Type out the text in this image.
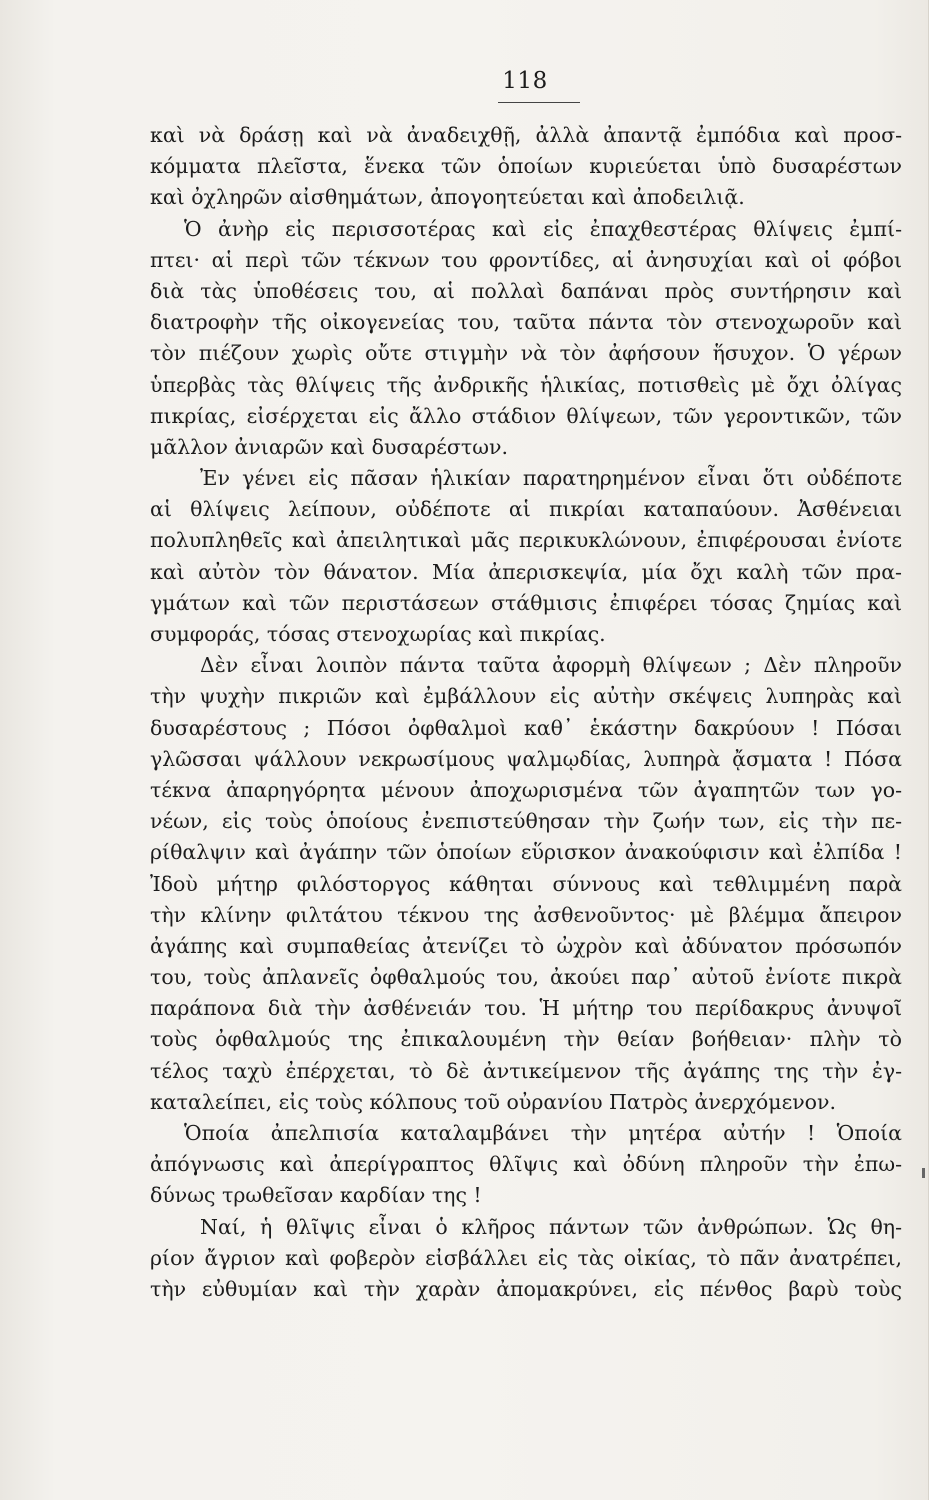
118
καὶ νὰ δράσῃ καὶ νὰ ἀναδειχθῇ, ἀλλὰ ἀπαντᾷ ἐμπόδια καὶ προσ-
κόμματα πλεῖστα, ἕνεκα τῶν ὁποίων κυριεύεται ὑπὸ δυσαρέστων
καὶ ὀχληρῶν αἰσθημάτων, ἀπογοητεύεται καὶ ἀποδειλιᾷ.
Ὁ ἀνὴρ εἰς περισσοτέρας καὶ εἰς ἐπαχθεστέρας θλίψεις ἐμπί-
πτει· αἱ περὶ τῶν τέκνων του φροντίδες, αἱ ἀνησυχίαι καὶ οἱ φόβοι
διὰ τὰς ὑποθέσεις του, αἱ πολλαὶ δαπάναι πρὸς συντήρησιν καὶ
διατροφὴν τῆς οἰκογενείας του, ταῦτα πάντα τὸν στενοχωροῦν καὶ
τὸν πιέζουν χωρὶς οὔτε στιγμὴν νὰ τὸν ἀφήσουν ἥσυχον. Ὁ γέρων
ὑπερβὰς τὰς θλίψεις τῆς ἀνδρικῆς ἡλικίας, ποτισθεὶς μὲ ὄχι ὀλίγας
πικρίας, εἰσέρχεται εἰς ἄλλο στάδιον θλίψεων, τῶν γεροντικῶν, τῶν
μᾶλλον ἀνιαρῶν καὶ δυσαρέστων.
Ἐν γένει εἰς πᾶσαν ἡλικίαν παρατηρημένον εἶναι ὅτι οὐδέποτε
αἱ θλίψεις λείπουν, οὐδέποτε αἱ πικρίαι καταπαύουν. Ἀσθένειαι
πολυπληθεῖς καὶ ἀπειλητικαὶ μᾶς περικυκλώνουν, ἐπιφέρουσαι ἐνίοτε
καὶ αὐτὸν τὸν θάνατον. Μία ἀπερισκεψία, μία ὄχι καλὴ τῶν πρα-
γμάτων καὶ τῶν περιστάσεων στάθμισις ἐπιφέρει τόσας ζημίας καὶ
συμφοράς, τόσας στενοχωρίας καὶ πικρίας.
Δὲν εἶναι λοιπὸν πάντα ταῦτα ἀφορμὴ θλίψεων ; Δὲν πληροῦν
τὴν ψυχὴν πικριῶν καὶ ἐμβάλλουν εἰς αὐτὴν σκέψεις λυπηρὰς καὶ
δυσαρέστους ; Πόσοι ὀφθαλμοὶ καθ᾿ ἑκάστην δακρύουν ! Πόσαι
γλῶσσαι ψάλλουν νεκρωσίμους ψαλμῳδίας, λυπηρὰ ᾄσματα ! Πόσα
τέκνα ἀπαρηγόρητα μένουν ἀποχωρισμένα τῶν ἀγαπητῶν των γο-
νέων, εἰς τοὺς ὁποίους ἐνεπιστεύθησαν τὴν ζωήν των, εἰς τὴν πε-
ρίθαλψιν καὶ ἀγάπην τῶν ὁποίων εὕρισκον ἀνακούφισιν καὶ ἐλπίδα !
Ἰδοὺ μήτηρ φιλόστοργος κάθηται σύννους καὶ τεθλιμμένη παρὰ
τὴν κλίνην φιλτάτου τέκνου της ἀσθενοῦντος· μὲ βλέμμα ἄπειρον
ἀγάπης καὶ συμπαθείας ἀτενίζει τὸ ὠχρὸν καὶ ἀδύνατον πρόσωπόν
του, τοὺς ἀπλανεῖς ὀφθαλμούς του, ἀκούει παρ᾿ αὐτοῦ ἐνίοτε πικρὰ
παράπονα διὰ τὴν ἀσθένειάν του. Ἡ μήτηρ του περίδακρυς ἀνυψοῖ
τοὺς ὀφθαλμούς της ἐπικαλουμένη τὴν θείαν βοήθειαν· πλὴν τὸ
τέλος ταχὺ ἐπέρχεται, τὸ δὲ ἀντικείμενον τῆς ἀγάπης της τὴν ἐγ-
καταλείπει, εἰς τοὺς κόλπους τοῦ οὐρανίου Πατρὸς ἀνερχόμενον.
Ὁποία ἀπελπισία καταλαμβάνει τὴν μητέρα αὐτήν ! Ὁποία
ἀπόγνωσις καὶ ἀπερίγραπτος θλῖψις καὶ ὀδύνη πληροῦν τὴν ἐπω-
δύνως τρωθεῖσαν καρδίαν της !
Ναί, ἡ θλῖψις εἶναι ὁ κλῆρος πάντων τῶν ἀνθρώπων. Ὡς θη-
ρίον ἄγριον καὶ φοβερὸν εἰσβάλλει εἰς τὰς οἰκίας, τὸ πᾶν ἀνατρέπει,
τὴν εὐθυμίαν καὶ τὴν χαρὰν ἀπομακρύνει, εἰς πένθος βαρὺ τοὺς
